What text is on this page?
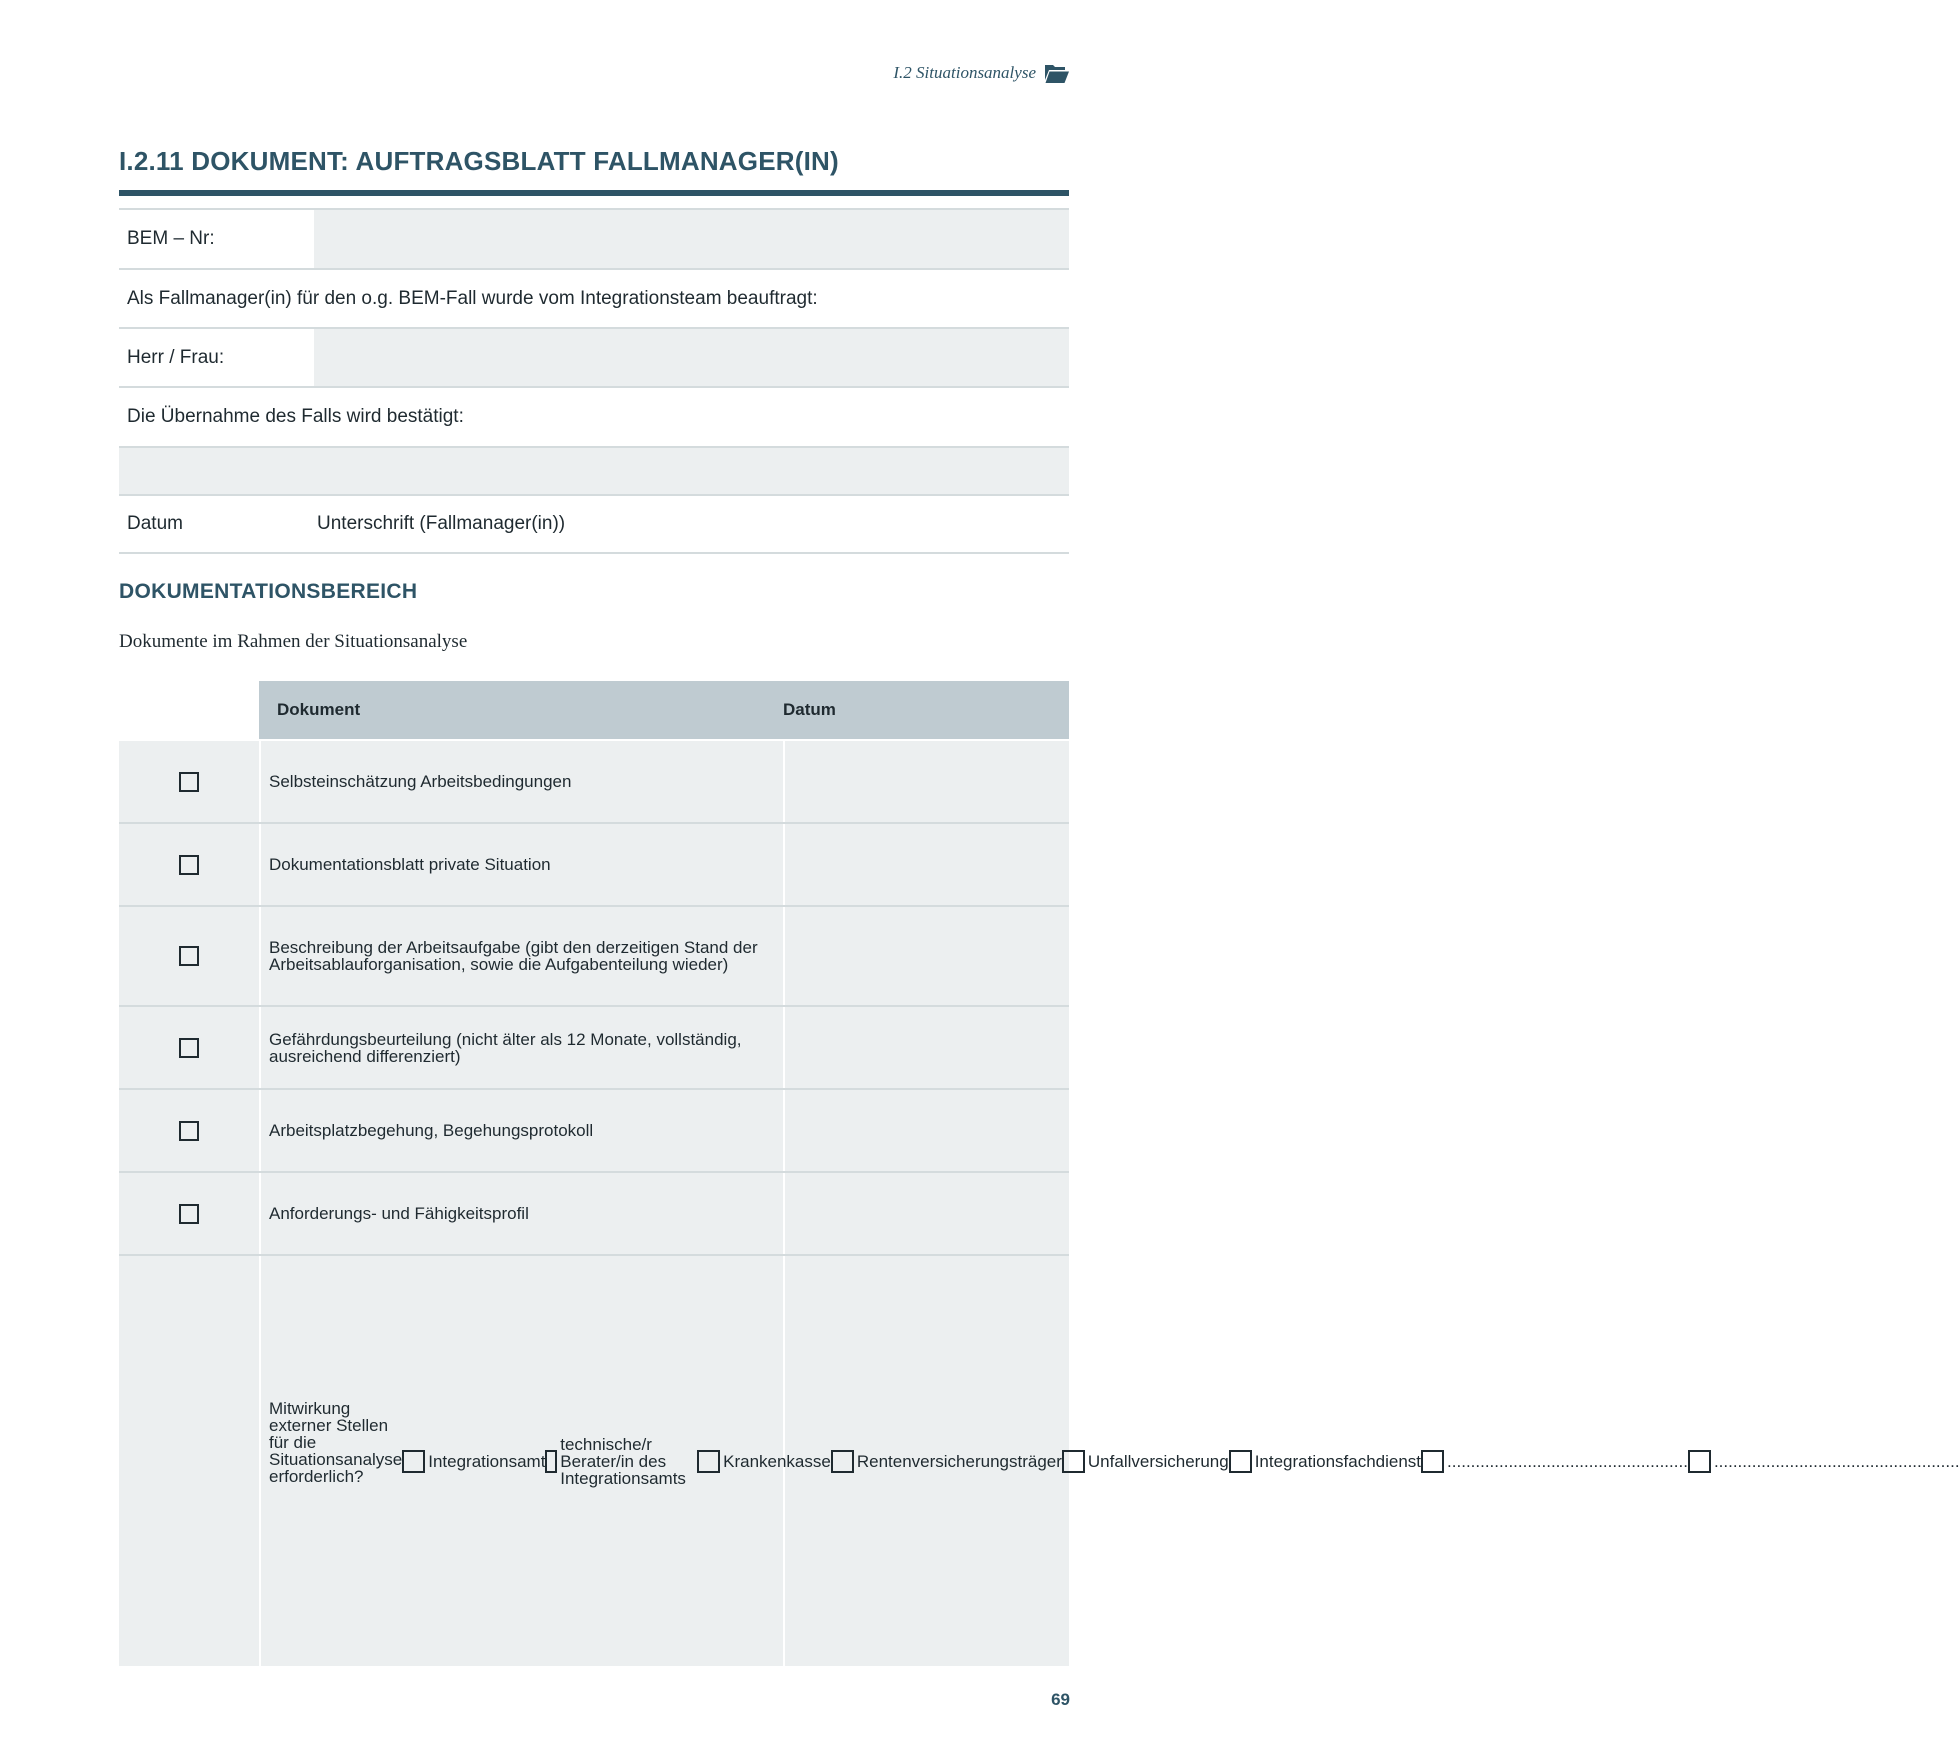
I.2 Situationsanalyse
I.2.11 DOKUMENT: AUFTRAGSBLATT FALLMANAGER(IN)
BEM – Nr:
Als Fallmanager(in) für den o.g. BEM-Fall wurde vom Integrationsteam beauftragt:
Herr / Frau:
Die Übernahme des Falls wird bestätigt:
Datum	Unterschrift (Fallmanager(in))
DOKUMENTATIONSBEREICH
Dokumente im Rahmen der Situationsanalyse
Dokument	Datum
Selbsteinschätzung Arbeitsbedingungen
Dokumentationsblatt private Situation
Beschreibung der Arbeitsaufgabe (gibt den derzeitigen Stand der Arbeitsablauforganisation, sowie die Aufgabenteilung wieder)
Gefährdungsbeurteilung (nicht älter als 12 Monate, vollständig, ausreichend differenziert)
Arbeitsplatzbegehung, Begehungsprotokoll
Anforderungs- und Fähigkeitsprofil
Mitwirkung externer Stellen für die Situationsanalyse erforderlich?
Integrationsamt
technische/r Berater/in des Integrationsamts
Krankenkasse Rentenversicherungsträger Unfallversicherung Integrationsfachdienst ................................................... ....................................................
69
